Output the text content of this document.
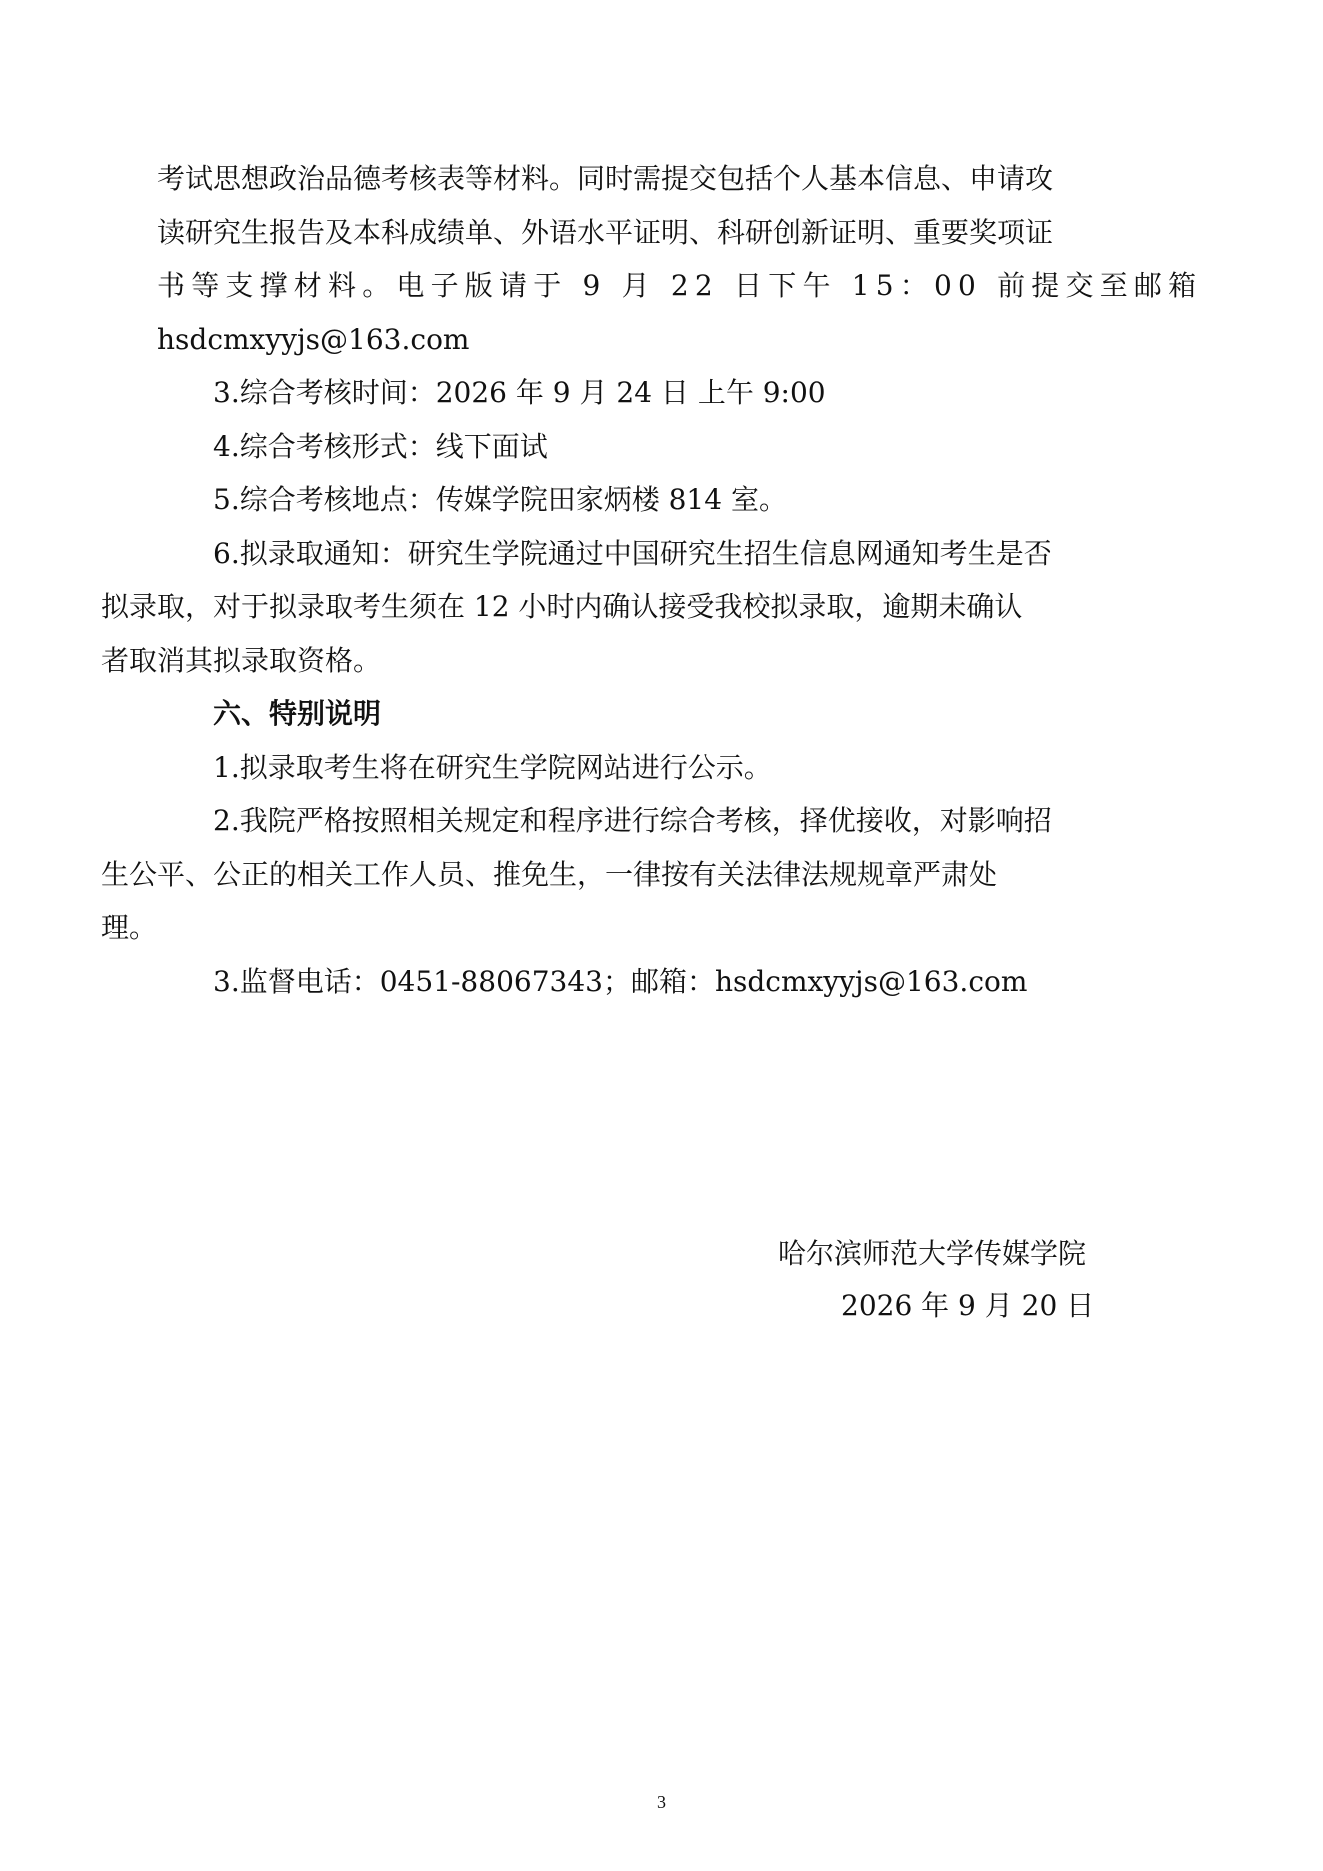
考试思想政治品德考核表等材料。同时需提交包括个人基本信息、申请攻
读研究生报告及本科成绩单、外语水平证明、科研创新证明、重要奖项证
书等支撑材料。电子版请于 9 月 22 日下午 15：00 前提交至邮箱
hsdcmxyyjs@163.com

3.综合考核时间：2026 年 9 月 24 日 上午 9:00

4.综合考核形式：线下面试

5.综合考核地点：传媒学院田家炳楼 814 室。

6.拟录取通知：研究生学院通过中国研究生招生信息网通知考生是否
拟录取，对于拟录取考生须在 12 小时内确认接受我校拟录取，逾期未确认
者取消其拟录取资格。

六、特别说明

1.拟录取考生将在研究生学院网站进行公示。

2.我院严格按照相关规定和程序进行综合考核，择优接收，对影响招
生公平、公正的相关工作人员、推免生，一律按有关法律法规规章严肃处
理。

3.监督电话：0451-88067343；邮箱：hsdcmxyyjs@163.com

哈尔滨师范大学传媒学院
2026 年 9 月 20 日
3
